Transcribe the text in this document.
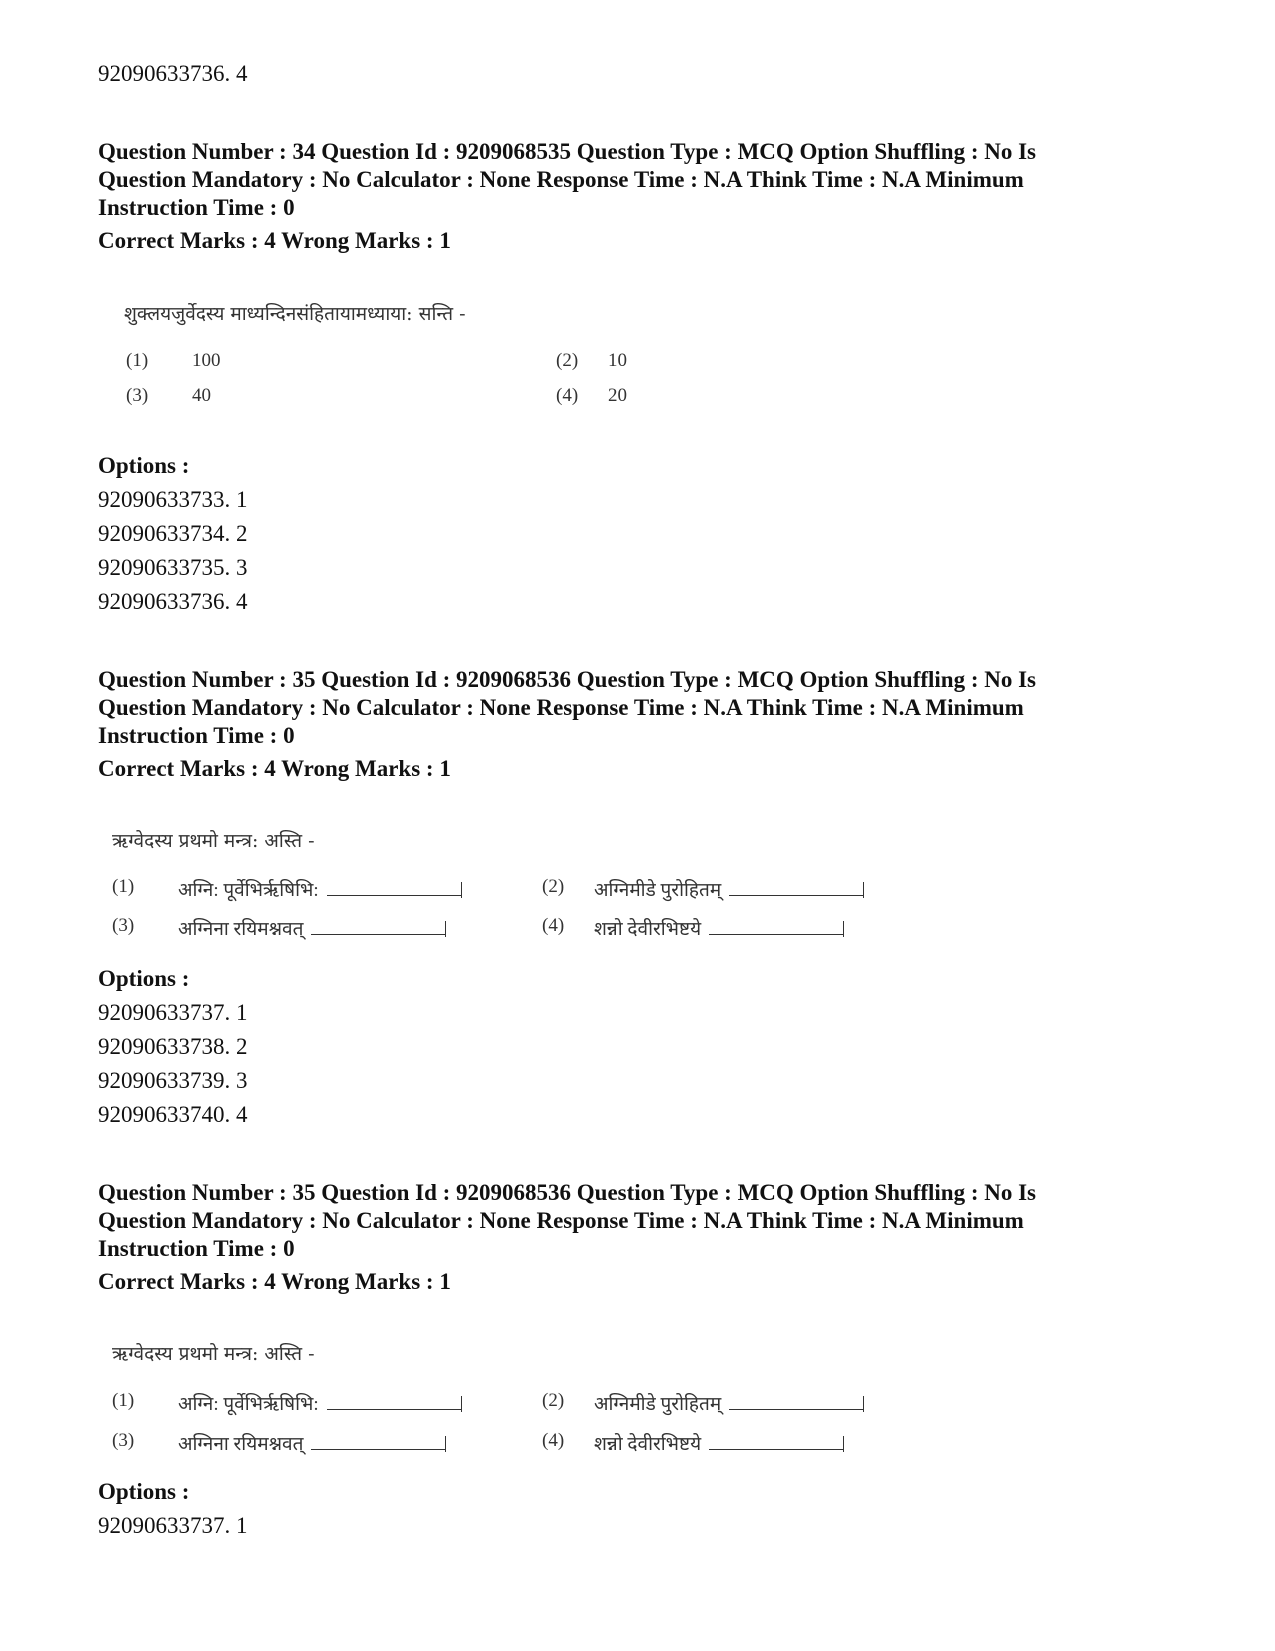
92090633736. 4
Question Number : 34 Question Id : 9209068535 Question Type : MCQ Option Shuffling : No Is
Question Mandatory : No Calculator : None Response Time : N.A Think Time : N.A Minimum
Instruction Time : 0
Correct Marks : 4 Wrong Marks : 1
शुक्लयजुर्वेदस्य माध्यन्दिनसंहितायामध्याया: सन्ति -
(1) 100	(2) 10
(3) 40	(4) 20
Options :
92090633733. 1
92090633734. 2
92090633735. 3
92090633736. 4
Question Number : 35 Question Id : 9209068536 Question Type : MCQ Option Shuffling : No Is
Question Mandatory : No Calculator : None Response Time : N.A Think Time : N.A Minimum
Instruction Time : 0
Correct Marks : 4 Wrong Marks : 1
ऋग्वेदस्य प्रथमो मन्त्र: अस्ति -
(1) अग्नि: पूर्वेभिर्ऋषिभि:	(2) अग्निमीडे पुरोहितम्
(3) अग्निना रयिमश्नवत्	(4) शन्नो देवीरभिष्टये
Options :
92090633737. 1
92090633738. 2
92090633739. 3
92090633740. 4
Question Number : 35 Question Id : 9209068536 Question Type : MCQ Option Shuffling : No Is
Question Mandatory : No Calculator : None Response Time : N.A Think Time : N.A Minimum
Instruction Time : 0
Correct Marks : 4 Wrong Marks : 1
ऋग्वेदस्य प्रथमो मन्त्र: अस्ति -
(1) अग्नि: पूर्वेभिर्ऋषिभि:	(2) अग्निमीडे पुरोहितम्
(3) अग्निना रयिमश्नवत्	(4) शन्नो देवीरभिष्टये
Options :
92090633737. 1
